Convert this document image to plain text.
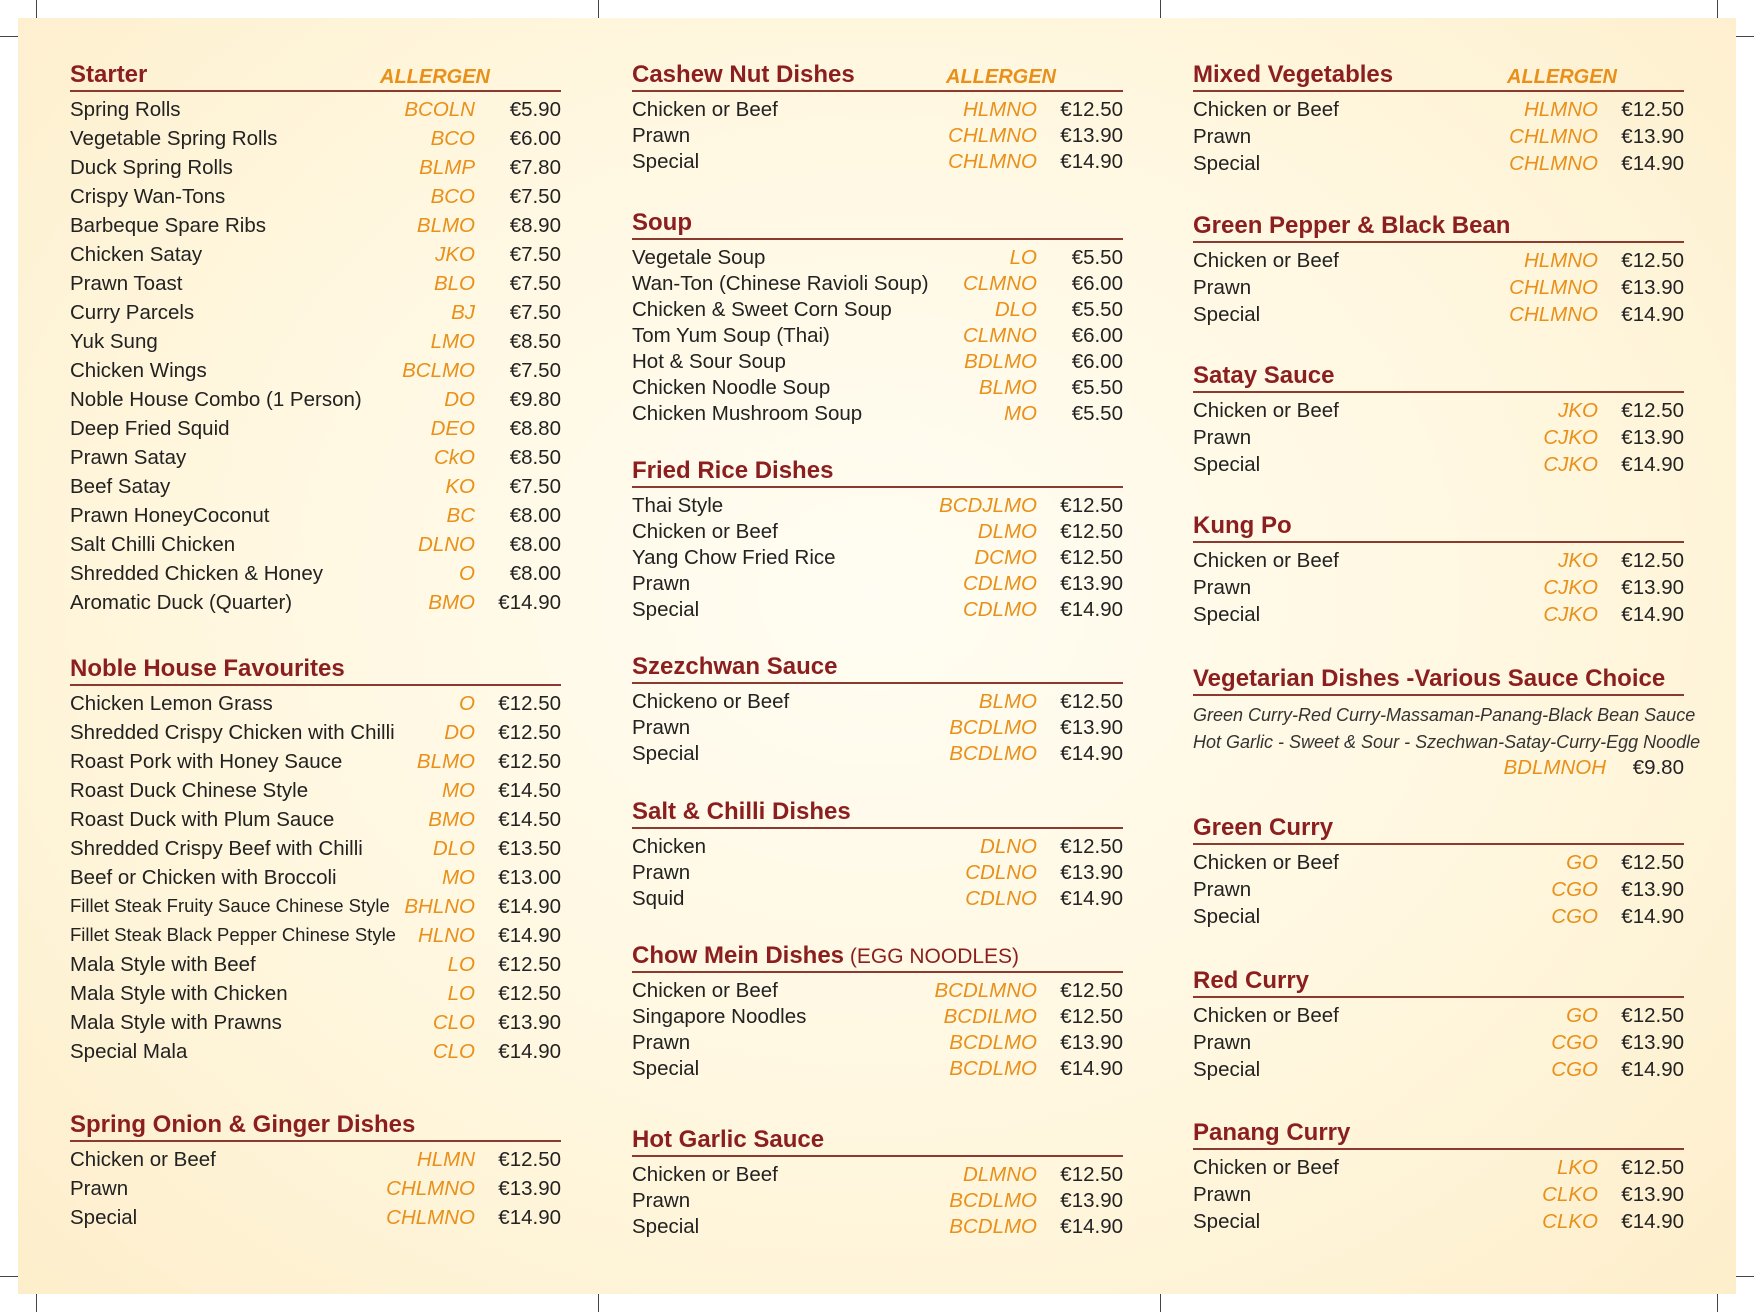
Starter	ALLERGEN
Spring Rolls	BCOLN €5.90
Vegetable Spring Rolls	BCO €6.00
Duck Spring Rolls	BLMP €7.80
Crispy Wan-Tons	BCO €7.50
Barbeque Spare Ribs	BLMO €8.90
Chicken Satay	JKO €7.50
Prawn Toast	BLO €7.50
Curry Parcels	BJ €7.50
Yuk Sung	LMO €8.50
Chicken Wings	BCLMO €7.50
Noble House Combo (1 Person)	DO €9.80
Deep Fried Squid	DEO €8.80
Prawn Satay	CkO €8.50
Beef Satay	KO €7.50
Prawn HoneyCoconut	BC €8.00
Salt Chilli Chicken	DLNO €8.00
Shredded Chicken & Honey	O €8.00
Aromatic Duck (Quarter)	BMO €14.90
Noble House Favourites
Chicken Lemon Grass	O €12.50
Shredded Crispy Chicken with Chilli DO €12.50
Roast Pork with Honey Sauce	BLMO €12.50
Roast Duck Chinese Style	MO €14.50
Roast Duck with Plum Sauce	BMO €14.50
Shredded Crispy Beef with Chilli	DLO €13.50
Beef or Chicken with Broccoli	MO €13.00
Fillet Steak Fruity Sauce Chinese Style BHLNO €14.90
Fillet Steak Black Pepper Chinese Style HLNO €14.90
Mala Style with Beef	LO €12.50
Mala Style with Chicken	LO €12.50
Mala Style with Prawns	CLO €13.90
Special Mala	CLO €14.90
Spring Onion & Ginger Dishes
Chicken or Beef	HLMN €12.50
Prawn	CHLMNO €13.90
Special	CHLMNO €14.90
Cashew Nut Dishes	ALLERGEN
Chicken or Beef	HLMNO €12.50
Prawn	CHLMNO €13.90
Special	CHLMNO €14.90
Soup
Vegetale Soup	LO €5.50
Wan-Ton (Chinese Ravioli Soup) CLMNO €6.00
Chicken & Sweet Corn Soup	DLO €5.50
Tom Yum Soup (Thai)	CLMNO €6.00
Hot & Sour Soup	BDLMO €6.00
Chicken Noodle Soup	BLMO €5.50
Chicken Mushroom Soup	MO €5.50
Fried Rice Dishes
Thai Style	BCDJLMO €12.50
Chicken or Beef	DLMO €12.50
Yang Chow Fried Rice	DCMO €12.50
Prawn	CDLMO €13.90
Special	CDLMO €14.90
Szezchwan Sauce
Chickeno or Beef	BLMO €12.50
Prawn	BCDLMO €13.90
Special	BCDLMO €14.90
Salt & Chilli Dishes
Chicken	DLNO €12.50
Prawn	CDLNO €13.90
Squid	CDLNO €14.90
Chow Mein Dishes (EGG NOODLES)
Chicken or Beef	BCDLMNO €12.50
Singapore Noodles	BCDILMO €12.50
Prawn	BCDLMO €13.90
Special	BCDLMO €14.90
Hot Garlic Sauce
Chicken or Beef	DLMNO €12.50
Prawn	BCDLMO €13.90
Special	BCDLMO €14.90
Mixed Vegetables	ALLERGEN
Chicken or Beef	HLMNO €12.50
Prawn	CHLMNO €13.90
Special	CHLMNO €14.90
Green Pepper & Black Bean
Chicken or Beef	HLMNO €12.50
Prawn	CHLMNO €13.90
Special	CHLMNO €14.90
Satay Sauce
Chicken or Beef	JKO €12.50
Prawn	CJKO €13.90
Special	CJKO €14.90
Kung Po
Chicken or Beef	JKO €12.50
Prawn	CJKO €13.90
Special	CJKO €14.90
Vegetarian Dishes -Various Sauce Choice
Green Curry-Red Curry-Massaman-Panang-Black Bean Sauce
Hot Garlic - Sweet & Sour - Szechwan-Satay-Curry-Egg Noodle
BDLMNOH €9.80
Green Curry
Chicken or Beef	GO €12.50
Prawn	CGO €13.90
Special	CGO €14.90
Red Curry
Chicken or Beef	GO €12.50
Prawn	CGO €13.90
Special	CGO €14.90
Panang Curry
Chicken or Beef	LKO €12.50
Prawn	CLKO €13.90
Special	CLKO €14.90
